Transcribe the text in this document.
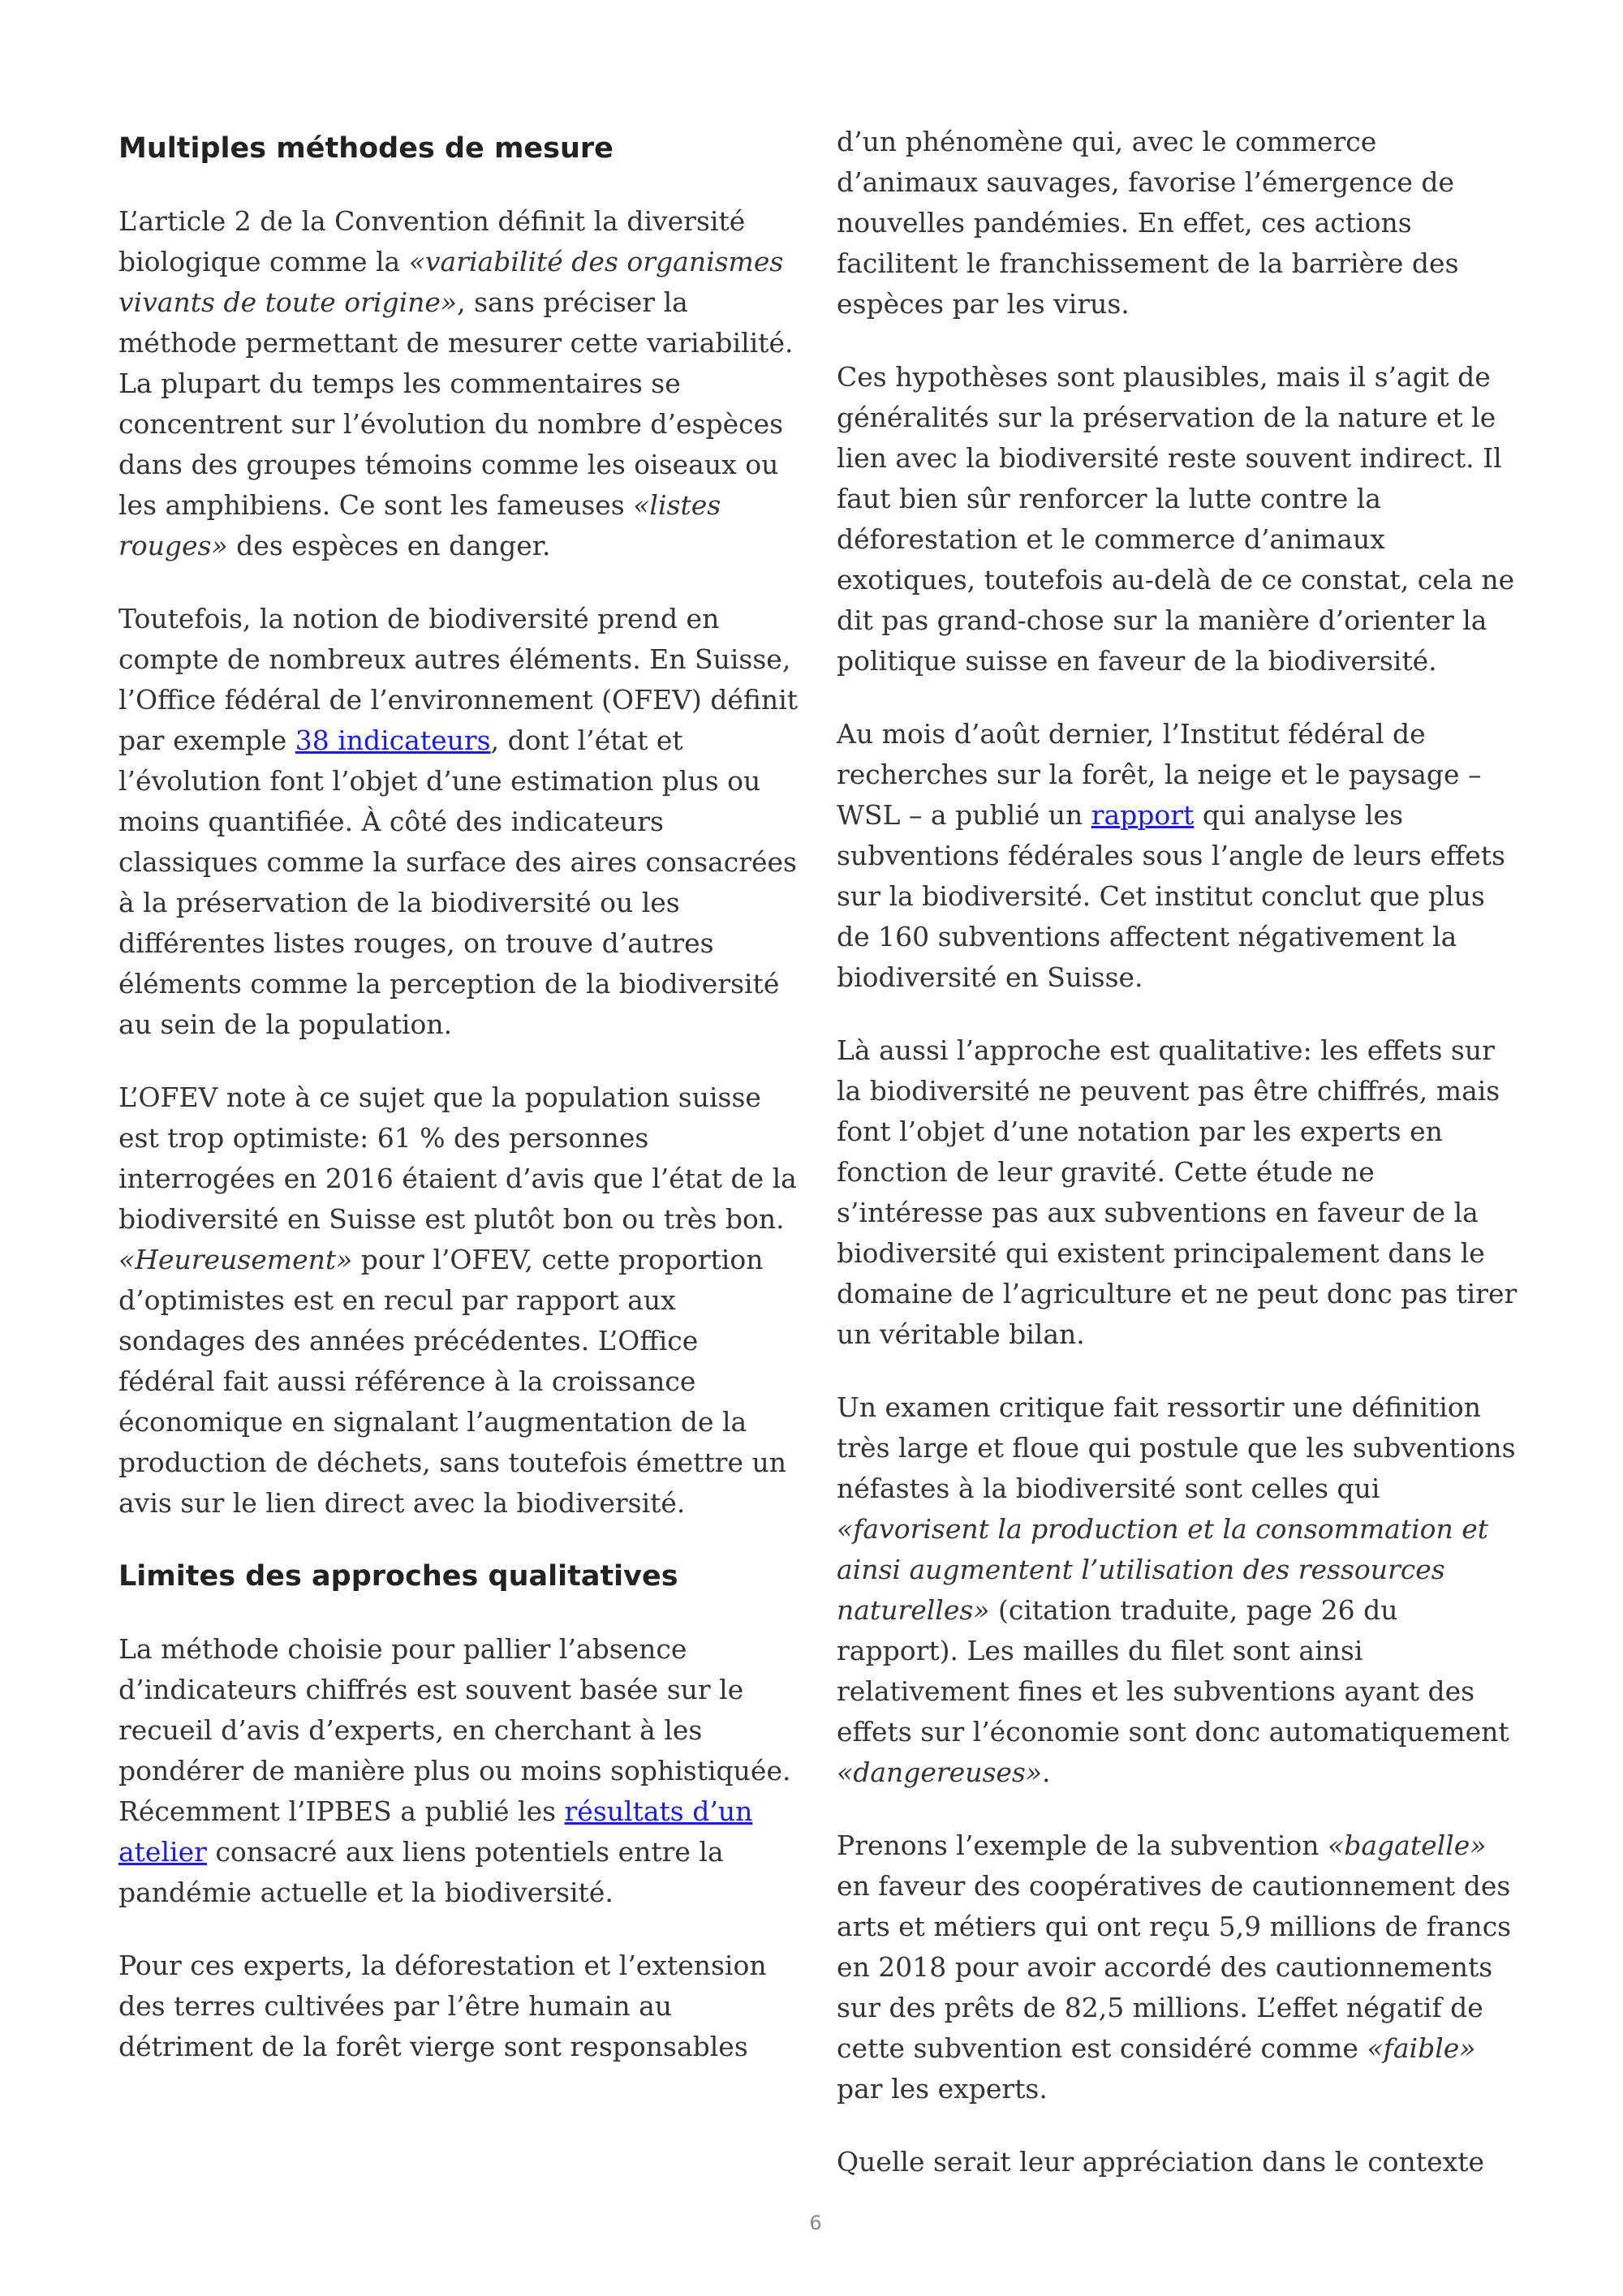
Multiples méthodes de mesure

L’article 2 de la Convention définit la diversité biologique comme la «variabilité des organismes vivants de toute origine», sans préciser la méthode permettant de mesurer cette variabilité. La plupart du temps les commentaires se concentrent sur l’évolution du nombre d’espèces dans des groupes témoins comme les oiseaux ou les amphibiens. Ce sont les fameuses «listes rouges» des espèces en danger.

Toutefois, la notion de biodiversité prend en compte de nombreux autres éléments. En Suisse, l’Office fédéral de l’environnement (OFEV) définit par exemple 38 indicateurs, dont l’état et l’évolution font l’objet d’une estimation plus ou moins quantifiée. À côté des indicateurs classiques comme la surface des aires consacrées à la préservation de la biodiversité ou les différentes listes rouges, on trouve d’autres éléments comme la perception de la biodiversité au sein de la population.

L’OFEV note à ce sujet que la population suisse est trop optimiste: 61 % des personnes interrogées en 2016 étaient d’avis que l’état de la biodiversité en Suisse est plutôt bon ou très bon. «Heureusement» pour l’OFEV, cette proportion d’optimistes est en recul par rapport aux sondages des années précédentes. L’Office fédéral fait aussi référence à la croissance économique en signalant l’augmentation de la production de déchets, sans toutefois émettre un avis sur le lien direct avec la biodiversité.

Limites des approches qualitatives

La méthode choisie pour pallier l’absence d’indicateurs chiffrés est souvent basée sur le recueil d’avis d’experts, en cherchant à les pondérer de manière plus ou moins sophistiquée. Récemment l’IPBES a publié les résultats d’un atelier consacré aux liens potentiels entre la pandémie actuelle et la biodiversité.

Pour ces experts, la déforestation et l’extension des terres cultivées par l’être humain au détriment de la forêt vierge sont responsables

d’un phénomène qui, avec le commerce d’animaux sauvages, favorise l’émergence de nouvelles pandémies. En effet, ces actions facilitent le franchissement de la barrière des espèces par les virus.

Ces hypothèses sont plausibles, mais il s’agit de généralités sur la préservation de la nature et le lien avec la biodiversité reste souvent indirect. Il faut bien sûr renforcer la lutte contre la déforestation et le commerce d’animaux exotiques, toutefois au-delà de ce constat, cela ne dit pas grand-chose sur la manière d’orienter la politique suisse en faveur de la biodiversité.

Au mois d’août dernier, l’Institut fédéral de recherches sur la forêt, la neige et le paysage – WSL – a publié un rapport qui analyse les subventions fédérales sous l’angle de leurs effets sur la biodiversité. Cet institut conclut que plus de 160 subventions affectent négativement la biodiversité en Suisse.

Là aussi l’approche est qualitative: les effets sur la biodiversité ne peuvent pas être chiffrés, mais font l’objet d’une notation par les experts en fonction de leur gravité. Cette étude ne s’intéresse pas aux subventions en faveur de la biodiversité qui existent principalement dans le domaine de l’agriculture et ne peut donc pas tirer un véritable bilan.

Un examen critique fait ressortir une définition très large et floue qui postule que les subventions néfastes à la biodiversité sont celles qui «favorisent la production et la consommation et ainsi augmentent l’utilisation des ressources naturelles» (citation traduite, page 26 du rapport). Les mailles du filet sont ainsi relativement fines et les subventions ayant des effets sur l’économie sont donc automatiquement «dangereuses».

Prenons l’exemple de la subvention «bagatelle» en faveur des coopératives de cautionnement des arts et métiers qui ont reçu 5,9 millions de francs en 2018 pour avoir accordé des cautionnements sur des prêts de 82,5 millions. L’effet négatif de cette subvention est considéré comme «faible» par les experts.

Quelle serait leur appréciation dans le contexte

6
